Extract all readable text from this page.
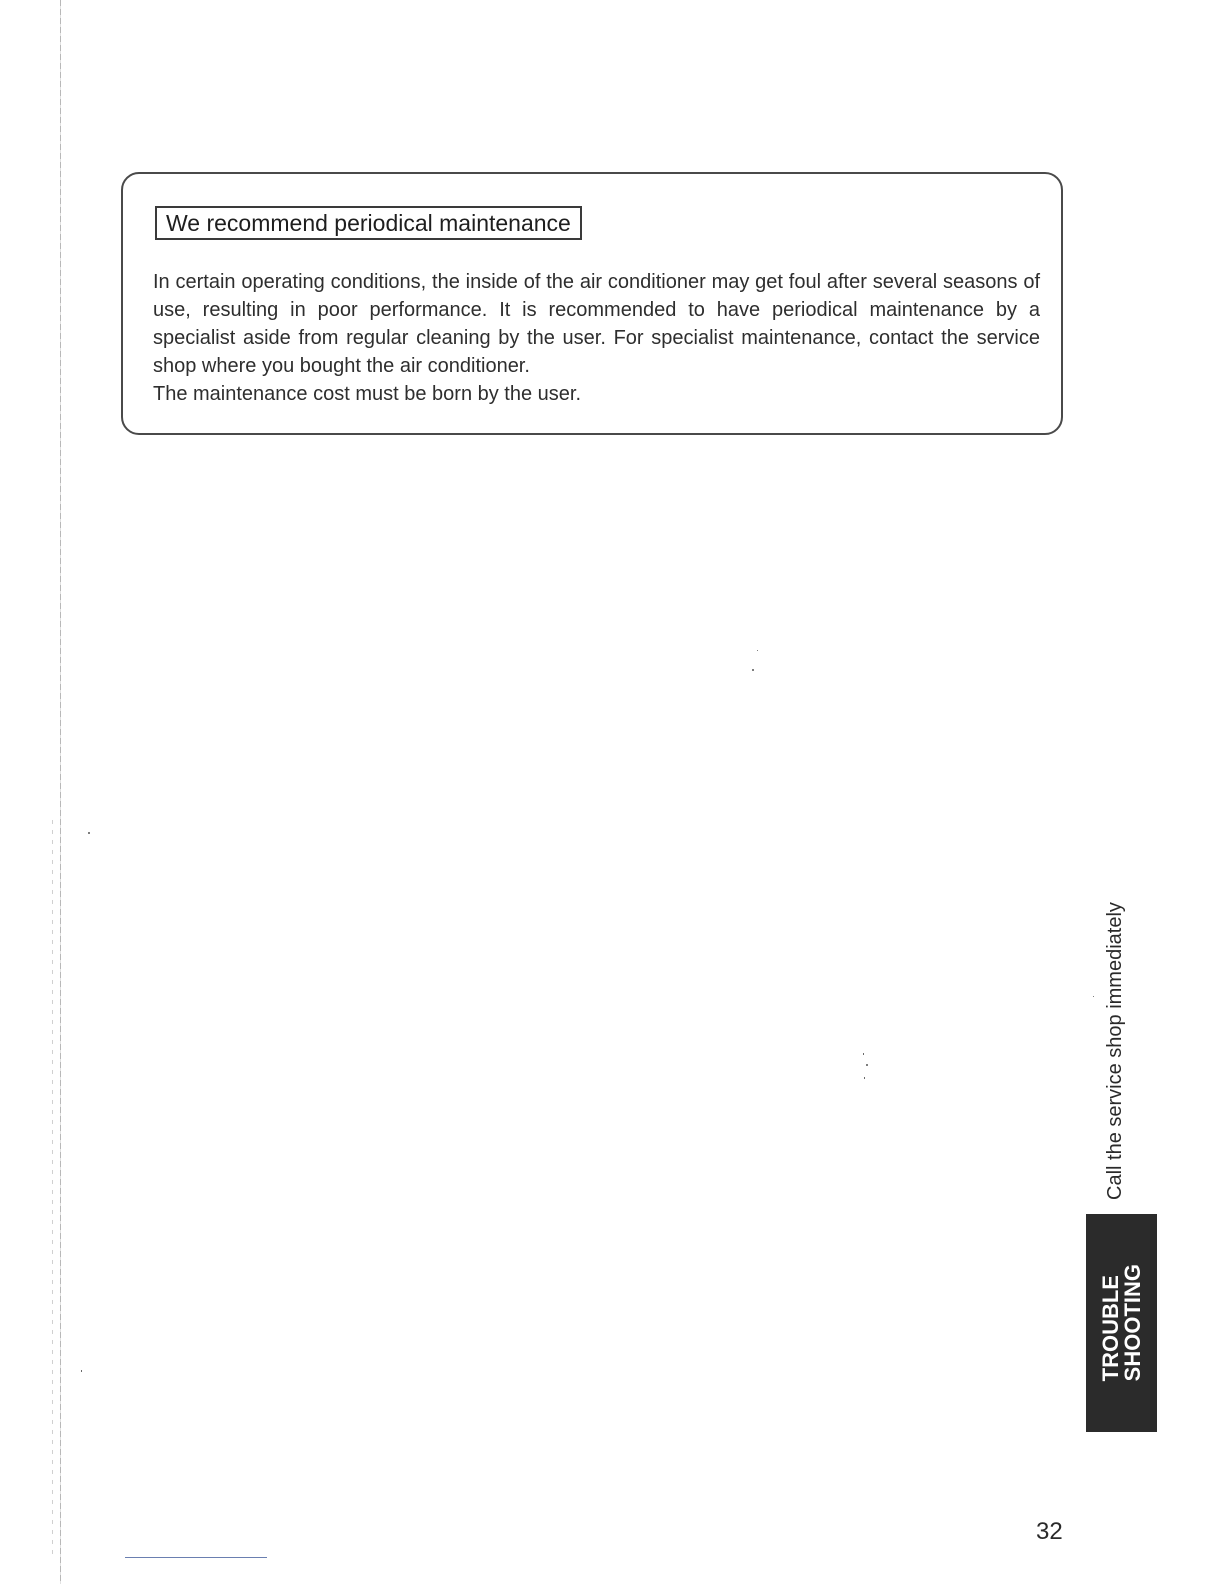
We recommend periodical maintenance

In certain operating conditions, the inside of the air conditioner may get foul after several seasons of use, resulting in poor performance. It is recommended to have periodical maintenance by a specialist aside from regular cleaning by the user. For specialist maintenance, contact the service shop where you bought the air conditioner.

The maintenance cost must be born by the user.

Call the service shop immediately
TROUBLE
SHOOTING
32
